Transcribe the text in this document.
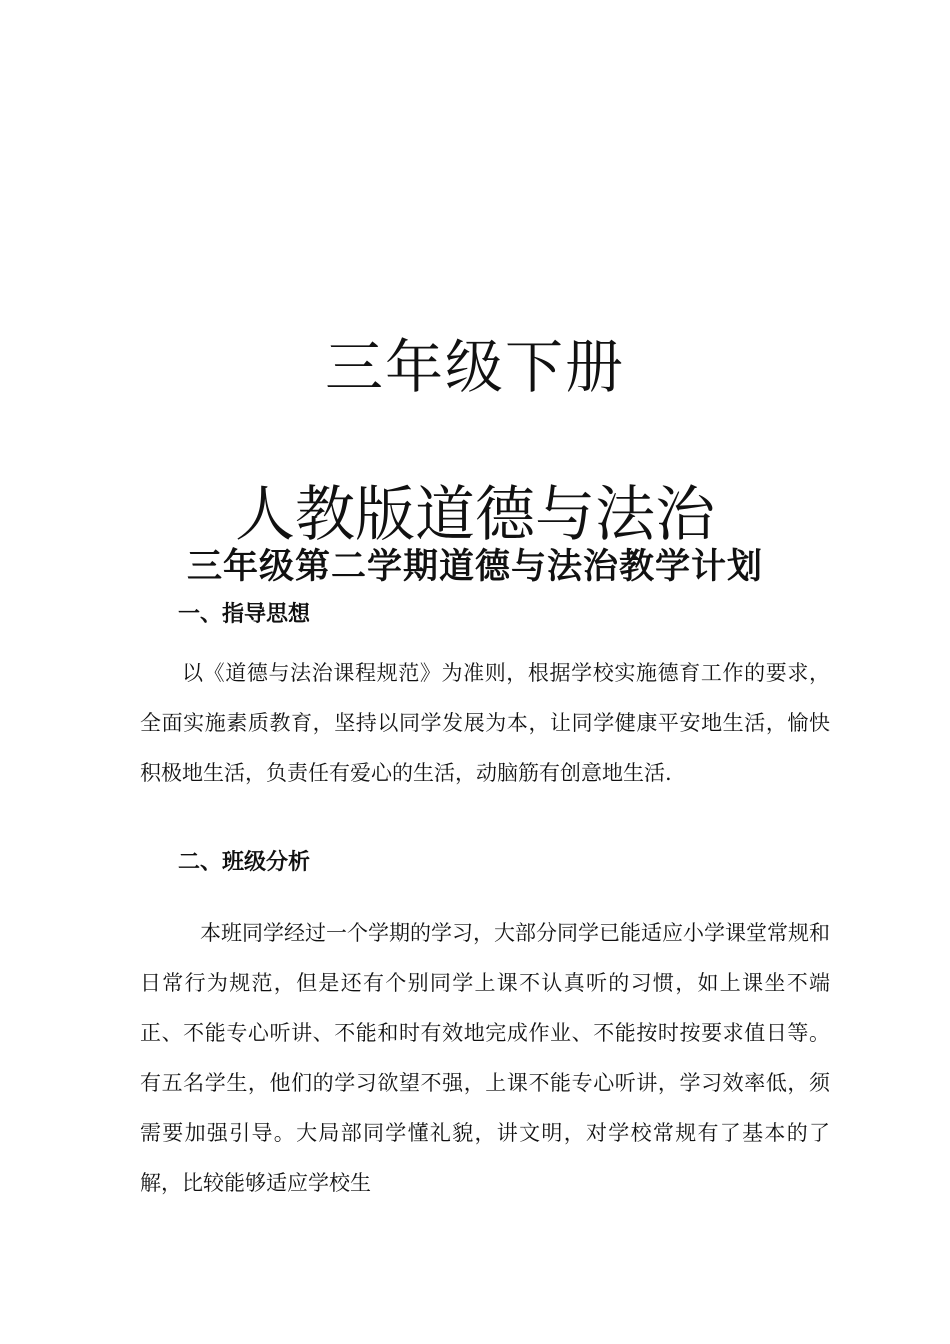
三年级下册
人教版道德与法治
三年级第二学期道德与法治教学计划
一、指导思想

以《道德与法治课程规范》为准则，根据学校实施德育工作的要求，全面实施素质教育，坚持以同学发展为本，让同学健康平安地生活，愉快积极地生活，负责任有爱心的生活，动脑筋有创意地生活.

二、班级分析

本班同学经过一个学期的学习，大部分同学已能适应小学课堂常规和日常行为规范，但是还有个别同学上课不认真听的习惯，如上课坐不端正、不能专心听讲、不能和时有效地完成作业、不能按时按要求值日等。有五名学生，他们的学习欲望不强，上课不能专心听讲，学习效率低，须需要加强引导。大局部同学懂礼貌，讲文明，对学校常规有了基本的了解，比较能够适应学校生
